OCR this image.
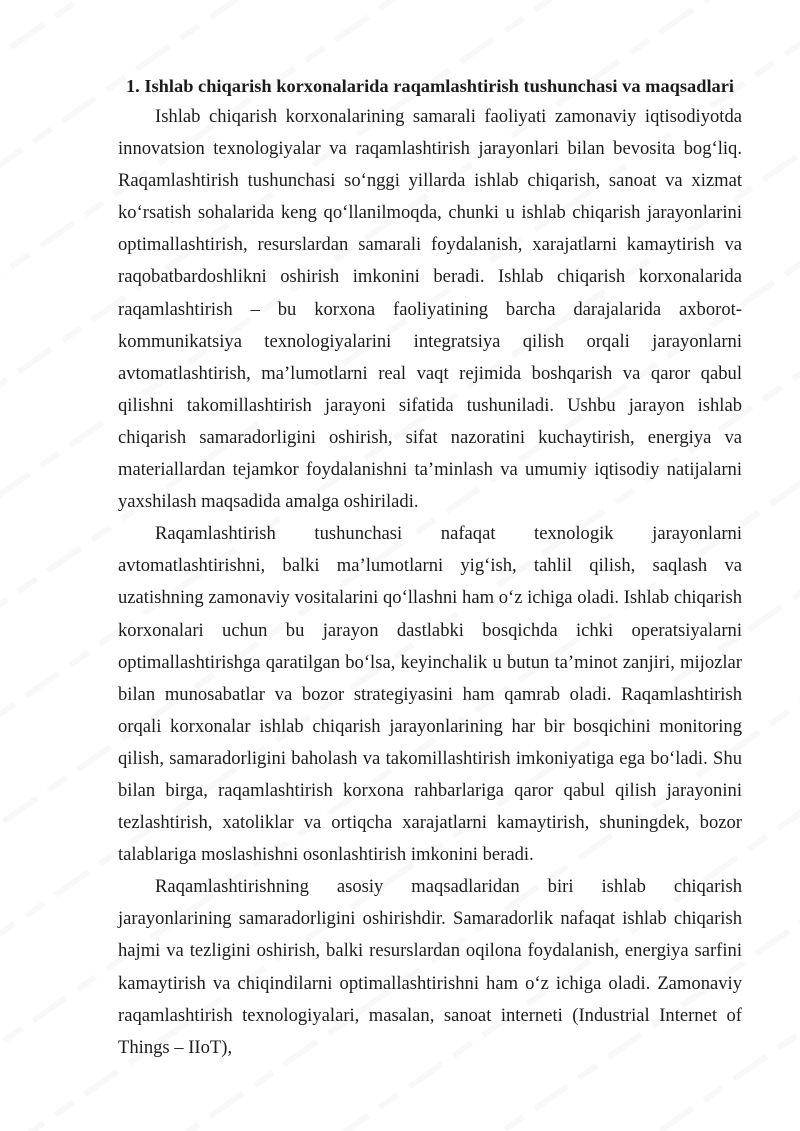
1. Ishlab chiqarish korxonalarida raqamlashtirish tushunchasi va maqsadlari

Ishlab chiqarish korxonalarining samarali faoliyati zamonaviy iqtisodiyotda innovatsion texnologiyalar va raqamlashtirish jarayonlari bilan bevosita bog‘liq. Raqamlashtirish tushunchasi so‘nggi yillarda ishlab chiqarish, sanoat va xizmat ko‘rsatish sohalarida keng qo‘llanilmoqda, chunki u ishlab chiqarish jarayonlarini optimallashtirish, resurslardan samarali foydalanish, xarajatlarni kamaytirish va raqobatbardoshlikni oshirish imkonini beradi. Ishlab chiqarish korxonalarida raqamlashtirish – bu korxona faoliyatining barcha darajalarida axborot-kommunikatsiya texnologiyalarini integratsiya qilish orqali jarayonlarni avtomatlashtirish, ma’lumotlarni real vaqt rejimida boshqarish va qaror qabul qilishni takomillashtirish jarayoni sifatida tushuniladi. Ushbu jarayon ishlab chiqarish samaradorligini oshirish, sifat nazoratini kuchaytirish, energiya va materiallardan tejamkor foydalanishni ta’minlash va umumiy iqtisodiy natijalarni yaxshilash maqsadida amalga oshiriladi.

Raqamlashtirish tushunchasi nafaqat texnologik jarayonlarni avtomatlashtirishni, balki ma’lumotlarni yig‘ish, tahlil qilish, saqlash va uzatishning zamonaviy vositalarini qo‘llashni ham o‘z ichiga oladi. Ishlab chiqarish korxonalari uchun bu jarayon dastlabki bosqichda ichki operatsiyalarni optimallashtirishga qaratilgan bo‘lsa, keyinchalik u butun ta’minot zanjiri, mijozlar bilan munosabatlar va bozor strategiyasini ham qamrab oladi. Raqamlashtirish orqali korxonalar ishlab chiqarish jarayonlarining har bir bosqichini monitoring qilish, samaradorligini baholash va takomillashtirish imkoniyatiga ega bo‘ladi. Shu bilan birga, raqamlashtirish korxona rahbarlariga qaror qabul qilish jarayonini tezlashtirish, xatoliklar va ortiqcha xarajatlarni kamaytirish, shuningdek, bozor talablariga moslashishni osonlashtirish imkonini beradi.

Raqamlashtirishning asosiy maqsadlaridan biri ishlab chiqarish jarayonlarining samaradorligini oshirishdir. Samaradorlik nafaqat ishlab chiqarish hajmi va tezligini oshirish, balki resurslardan oqilona foydalanish, energiya sarfini kamaytirish va chiqindilarni optimallashtirishni ham o‘z ichiga oladi. Zamonaviy raqamlashtirish texnologiyalari, masalan, sanoat interneti (Industrial Internet of Things – IIoT),
